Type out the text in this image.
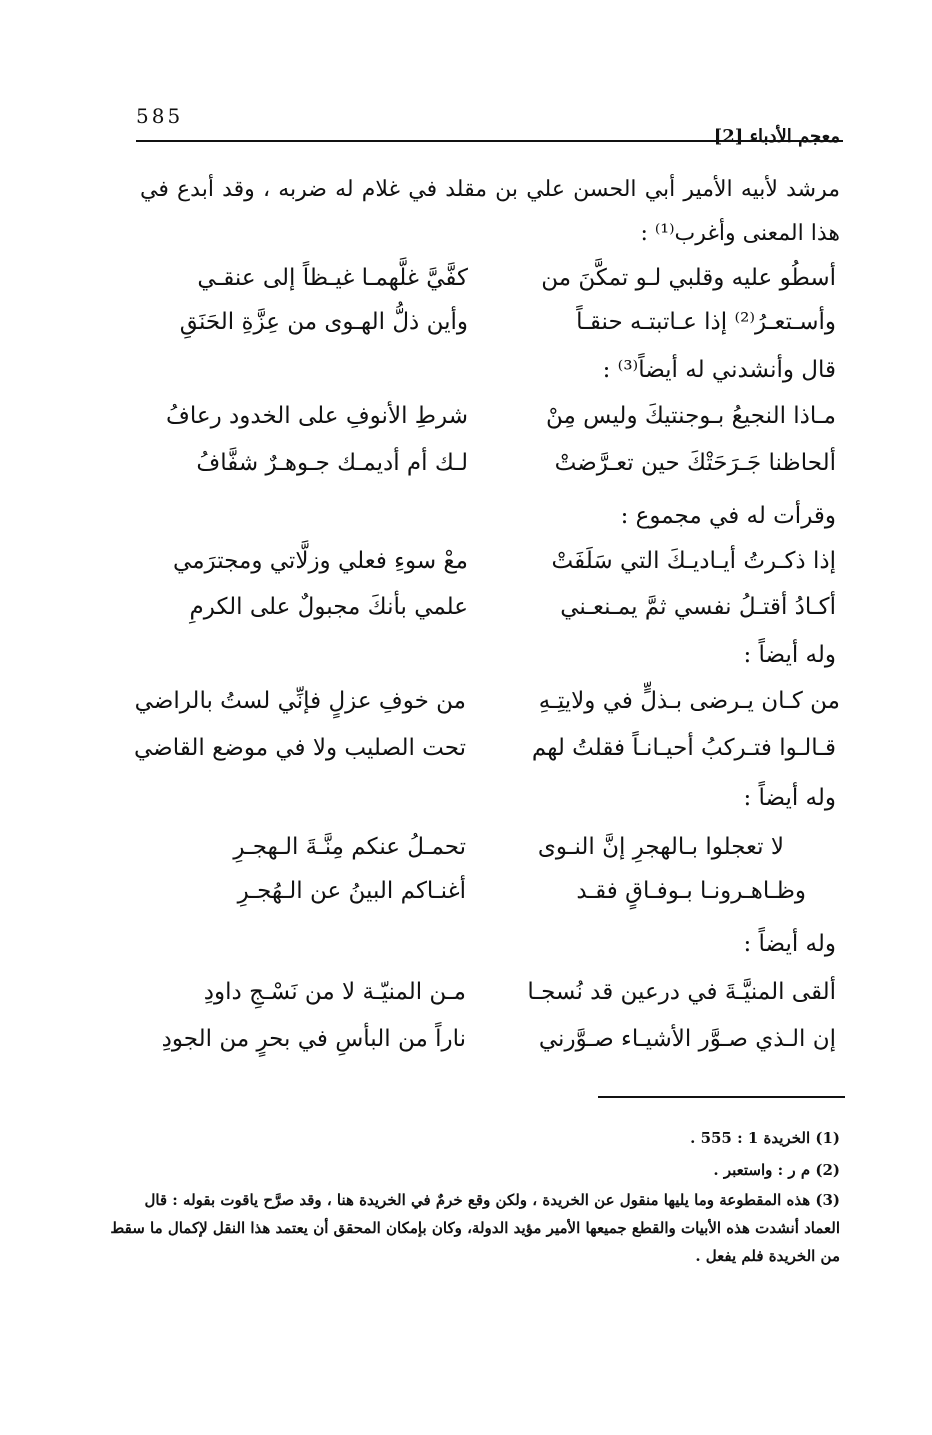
معجم الأدباء [2]
585
مرشد لأبيه الأمير أبي الحسن علي بن مقلد في غلام له ضربه ، وقد أبدع في هذا المعنى وأغرب⁽¹⁾ :
أسطُو عليه وقلبي لـو تمكَّنَ من
كفَّيَّ غلَّهمـا غيـظاً إلى عنقـي
وأسـتعـرُ⁽²⁾ إذا عـاتبتـه حنقـاً
وأين ذلُّ الهـوى من عِزَّةِ الحَنَقِ
قال وأنشدني له أيضاً⁽³⁾ :
مـاذا النجيعُ بـوجنتيكَ وليس مِنْ
شرطِ الأنوفِ على الخدود رعافُ
ألحاظنا جَـرَحَتْكَ حين تعـرَّضتْ
لـك أم أديمـك جـوهـرٌ شفَّافُ
وقرأت له في مجموع :
إذا ذكـرتُ أيـاديـكَ التي سَلَفَتْ
معْ سوءِ فعلي وزلَّاتي ومجترَمي
أكـادُ أقتـلُ نفسي ثمَّ يمـنعـني
علمي بأنكَ مجبولٌ على الكرمِ
وله أيضاً :
من كـان يـرضى بـذلٍّ في ولايتِـهِ
من خوفِ عزلٍ فإنِّي لستُ بالراضي
قـالـوا فتـركبُ أحيـانـاً فقلتُ لهم
تحت الصليب ولا في موضع القاضي
وله أيضاً :
لا تعجلوا بـالهجرِ إنَّ النـوى
تحمـلُ عنكم مِنَّـةَ الـهجـرِ
وظـاهـرونـا بـوفـاقٍ فقـد
أغنـاكم البينُ عن الـهُجـرِ
وله أيضاً :
ألقى المنيَّـةَ في درعين قد نُسجـا
مـن المنيّـة لا من نَسْـجِ داودِ
إن الـذي صـوَّر الأشيـاء صـوَّرني
ناراً من البأسِ في بحرٍ من الجودِ
(1) الخريدة 1 : 555 .
(2) م ر : واستعبر .
(3) هذه المقطوعة وما يليها منقول عن الخريدة ، ولكن وقع خرمٌ في الخريدة هنا ، وقد صرَّح ياقوت بقوله : قال العماد أنشدت هذه الأبيات والقطع جميعها الأمير مؤيد الدولة، وكان بإمكان المحقق أن يعتمد هذا النقل لإكمال ما سقط من الخريدة فلم يفعل .
